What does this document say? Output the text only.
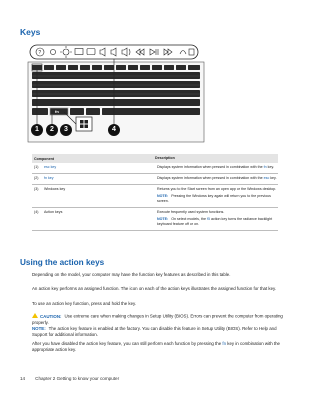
Keys
?
1	2	3	4
fn
Component	Description
(1)	esc key	Displays system information when pressed in combination with the fn key.
(2)	fn key	Displays system information when pressed in combination with the esc key.
(3)	Windows key	Returns you to the Start screen from an open app or the Windows desktop.
NOTE: Pressing the Windows key again will return you to the previous screen.
(4)	Action keys	Execute frequently used system functions.
NOTE: On select models, the f5 action key turns the radiance backlight keyboard feature off or on.
Using the action keys
Depending on the model, your computer may have the function key features as described in this table.
An action key performs an assigned function. The icon on each of the action keys illustrates the assigned function for that key.
To use an action key function, press and hold the key.
CAUTION: Use extreme care when making changes in Setup Utility (BIOS). Errors can prevent the computer from operating properly.
NOTE: The action key feature is enabled at the factory. You can disable this feature in Setup Utility (BIOS). Refer to Help and Support for additional information.
After you have disabled the action key feature, you can still perform each function by pressing the fn key in combination with the appropriate action key.
14 Chapter 2 Getting to know your computer
